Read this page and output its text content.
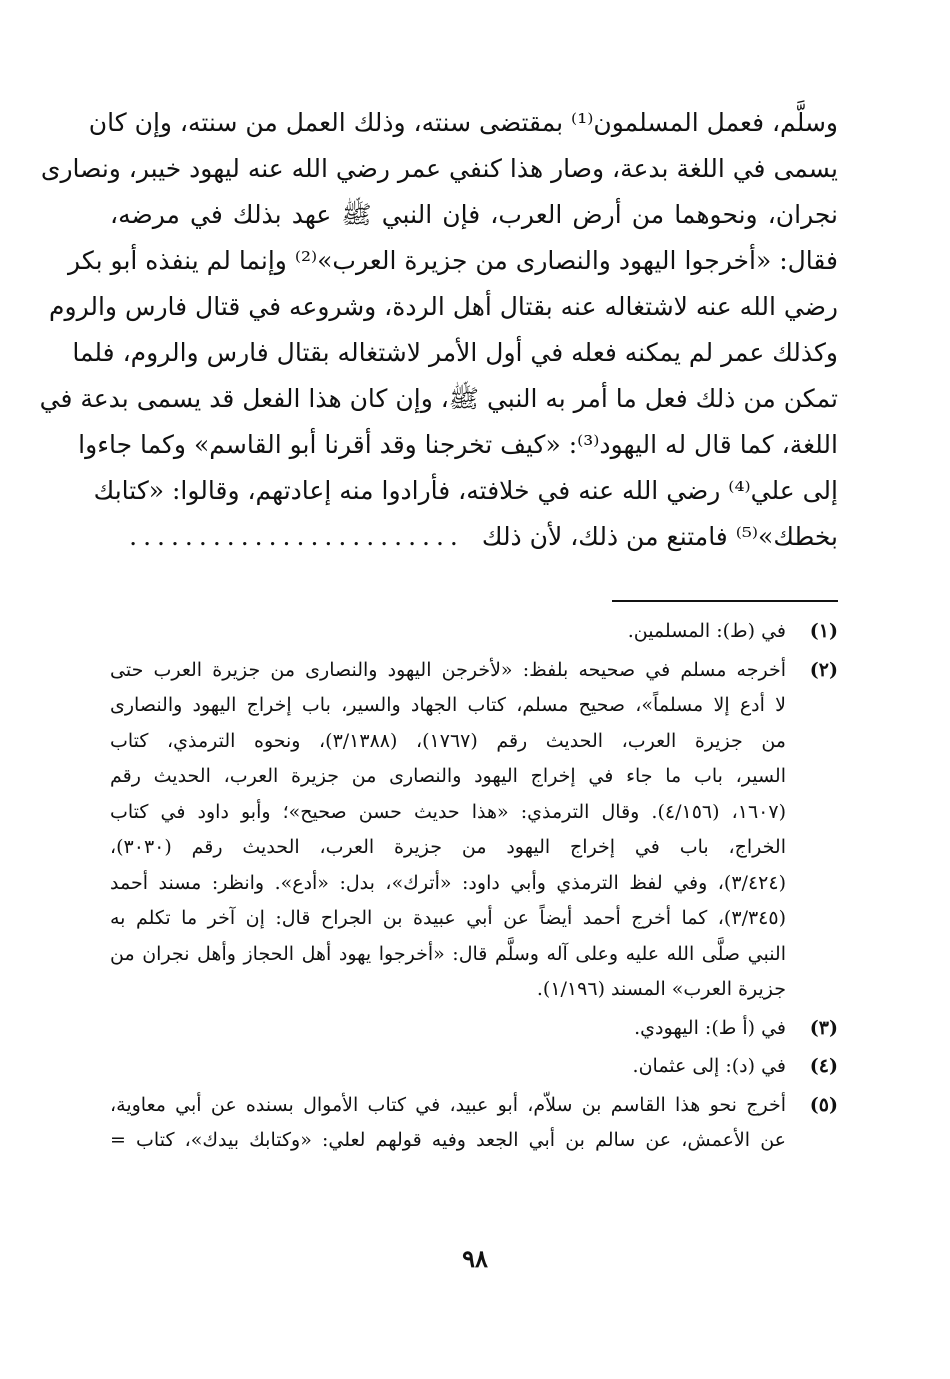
وسلَّم، فعمل المسلمون⁽¹⁾ بمقتضى سنته، وذلك العمل من سنته، وإن كان
يسمى في اللغة بدعة، وصار هذا كنفي عمر رضي الله عنه ليهود خيبر، ونصارى
نجران، ونحوهما من أرض العرب، فإن النبي ﷺ عهد بذلك في مرضه،
فقال: «أخرجوا اليهود والنصارى من جزيرة العرب»⁽²⁾ وإنما لم ينفذه أبو بكر
رضي الله عنه لاشتغاله عنه بقتال أهل الردة، وشروعه في قتال فارس والروم
وكذلك عمر لم يمكنه فعله في أول الأمر لاشتغاله بقتال فارس والروم، فلما
تمكن من ذلك فعل ما أمر به النبي ﷺ، وإن كان هذا الفعل قد يسمى بدعة في
اللغة، كما قال له اليهود⁽³⁾: «كيف تخرجنا وقد أقرنا أبو القاسم» وكما جاءوا
إلى علي⁽⁴⁾ رضي الله عنه في خلافته، فأرادوا منه إعادتهم، وقالوا: «كتابك
بخطك»⁽⁵⁾ فامتنع من ذلك، لأن ذلك........................
(١)
في (ط): المسلمين.
(٢)
أخرجه مسلم في صحيحه بلفظ: «لأخرجن اليهود والنصارى من جزيرة العرب حتى
لا أدع إلا مسلماً»، صحيح مسلم، كتاب الجهاد والسير، باب إخراج اليهود والنصارى
من جزيرة العرب، الحديث رقم (١٧٦٧)، (٣/١٣٨٨)، ونحوه الترمذي، كتاب
السير، باب ما جاء في إخراج اليهود والنصارى من جزيرة العرب، الحديث رقم
(١٦٠٧، (٤/١٥٦). وقال الترمذي: «هذا حديث حسن صحيح»؛ وأبو داود في كتاب
الخراج، باب في إخراج اليهود من جزيرة العرب، الحديث رقم (٣٠٣٠)،
(٣/٤٢٤)، وفي لفظ الترمذي وأبي داود: «أترك»، بدل: «أدع». وانظر: مسند أحمد
(٣/٣٤٥)، كما أخرج أحمد أيضاً عن أبي عبيدة بن الجراح قال: إن آخر ما تكلم به
النبي صلَّى الله عليه وعلى آله وسلَّم قال: «أخرجوا يهود أهل الحجاز وأهل نجران من
جزيرة العرب» المسند (١/١٩٦).
(٣)
في (أ ط): اليهودي.
(٤)
في (د): إلى عثمان.
(٥)
أخرج نحو هذا القاسم بن سلاّم، أبو عبيد، في كتاب الأموال بسنده عن أبي معاوية،
عن الأعمش، عن سالم بن أبي الجعد وفيه قولهم لعلي: «وكتابك بيدك»، كتاب =
٩٨
